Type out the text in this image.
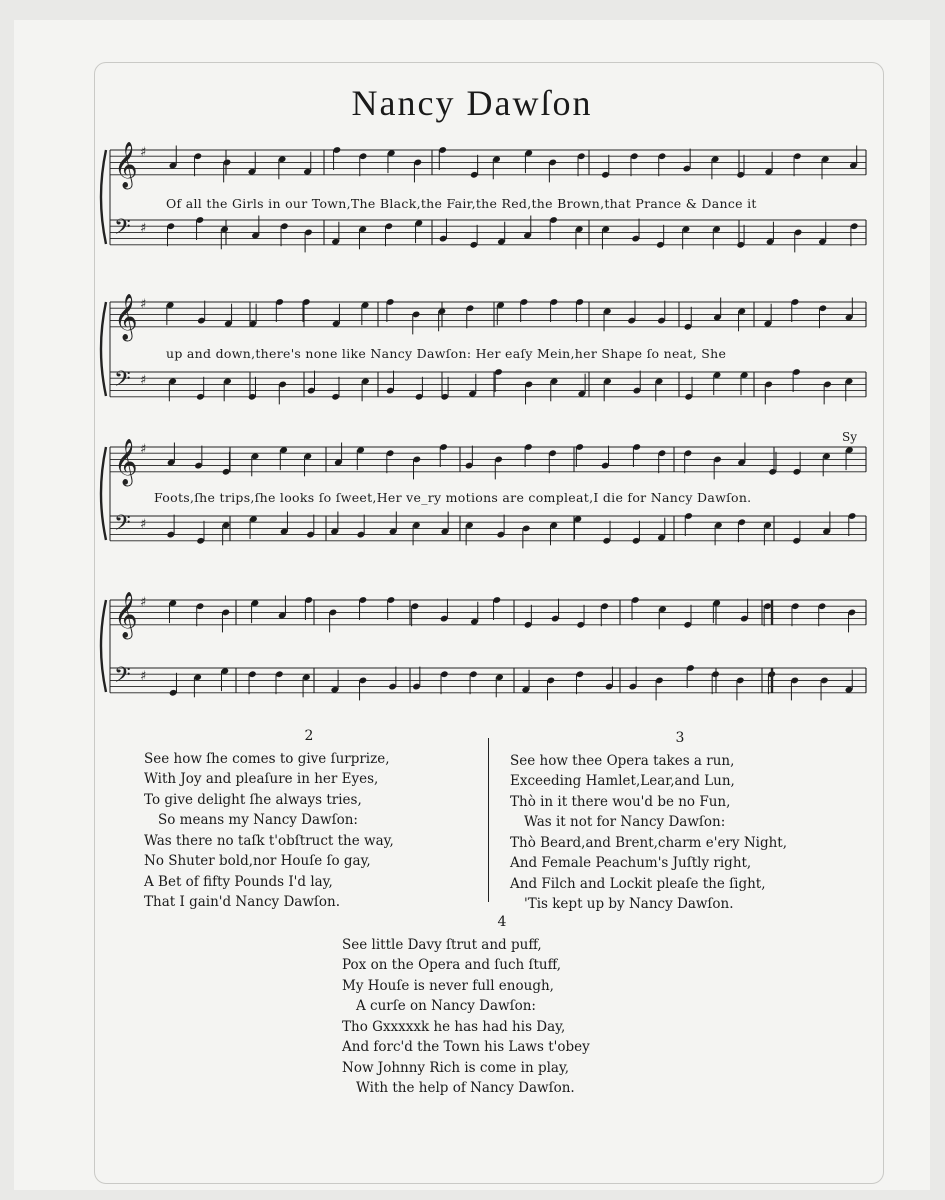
Nancy Dawſon
𝄞 ♯
𝄢 ♯
𝄞 ♯
𝄢 ♯
𝄞 ♯
𝄢 ♯
𝄞 ♯
𝄢 ♯
Of all the Girls in our Town,The Black,the Fair,the Red,the Brown,that Prance & Dance it
up and down,there's none like Nancy Dawſon: Her eaſy Mein,her Shape ſo neat, She
Foots,ſhe trips,ſhe looks ſo ſweet,Her ve_ry motions are compleat,I die for Nancy Dawſon.
Sy
2
See how ſhe comes to give ſurprize,
With Joy and pleaſure in her Eyes,
To give delight ſhe always tries,
So means my Nancy Dawſon:
Was there no taſk t'obſtruct the way,
No Shuter bold,nor Houſe ſo gay,
A Bet of fifty Pounds I'd lay,
That I gain'd Nancy Dawſon.
3
See how thee Opera takes a run,
Exceeding Hamlet,Lear,and Lun,
Thò in it there wou'd be no Fun,
Was it not for Nancy Dawſon:
Thò Beard,and Brent,charm e'ery Night,
And Female Peachum's Juſtly right,
And Filch and Lockit pleaſe the ſight,
'Tis kept up by Nancy Dawſon.
4
See little Davy ſtrut and puff,
Pox on the Opera and ſuch ſtuff,
My Houſe is never full enough,
A curſe on Nancy Dawſon:
Tho Gxxxxxk he has had his Day,
And forc'd the Town his Laws t'obey
Now Johnny Rich is come in play,
With the help of Nancy Dawſon.
